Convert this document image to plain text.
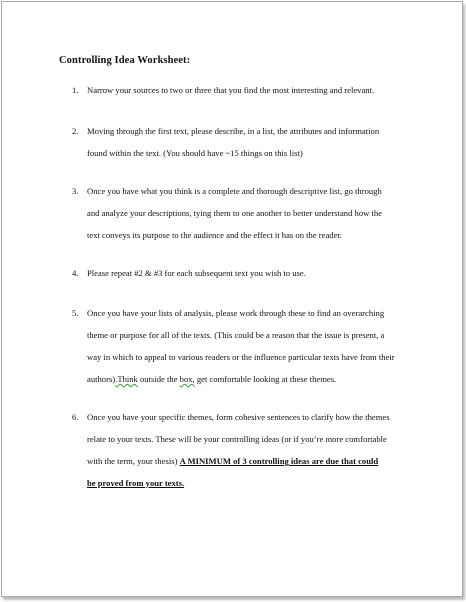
Controlling Idea Worksheet:
1. Narrow your sources to two or three that you find the most interesting and relevant.
2. Moving through the first text, please describe, in a list, the attributes and information
found within the text. (You should have ~15 things on this list)
3. Once you have what you think is a complete and thorough descriptive list, go through
and analyze your descriptions, tying them to one another to better understand how the
text conveys its purpose to the audience and the effect it has on the reader.
4. Please repeat #2 & #3 for each subsequent text you wish to use.
5. Once you have your lists of analysis, please work through these to find an overarching
theme or purpose for all of the texts. (This could be a reason that the issue is present, a
way in which to appeal to various readers or the influence particular texts have from their
authors).Think outside the box, get comfortable looking at these themes.
6. Once you have your specific themes, form cohesive sentences to clarify how the themes
relate to your texts. These will be your controlling ideas (or if you’re more comfortable
with the term, your thesis) A MINIMUM of 3 controlling ideas are due that could
be proved from your texts.
